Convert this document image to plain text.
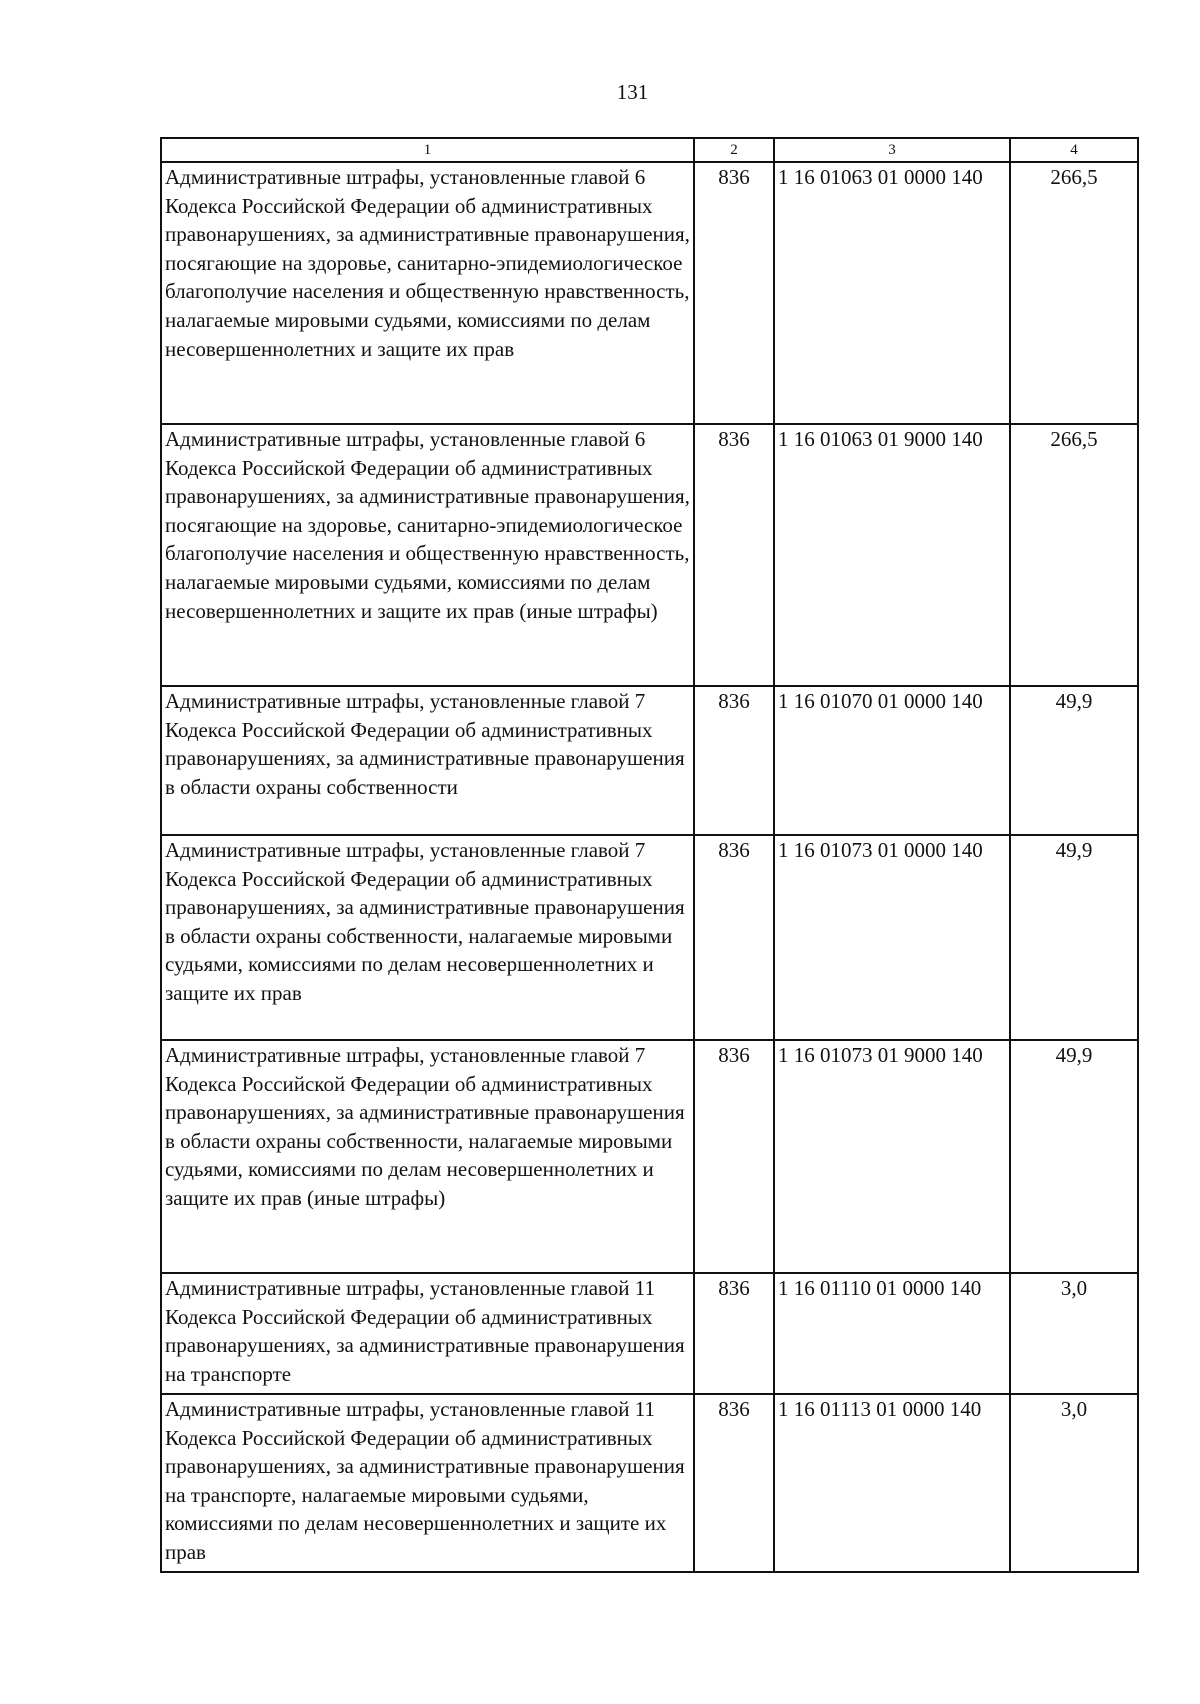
131
1	2	3	4
Административные штрафы, установленные главой 6 Кодекса Российской Федерации об административных правонарушениях, за административные правонарушения, посягающие на здоровье, санитарно-эпидемиологическое благополучие населения и общественную нравственность, налагаемые мировыми судьями, комиссиями по делам несовершеннолетних и защите их прав	836	1 16 01063 01 0000 140	266,5
Административные штрафы, установленные главой 6 Кодекса Российской Федерации об административных правонарушениях, за административные правонарушения, посягающие на здоровье, санитарно-эпидемиологическое благополучие населения и общественную нравственность, налагаемые мировыми судьями, комиссиями по делам несовершеннолетних и защите их прав (иные штрафы)	836	1 16 01063 01 9000 140	266,5
Административные штрафы, установленные главой 7 Кодекса Российской Федерации об административных правонарушениях, за административные правонарушения в области охраны собственности	836	1 16 01070 01 0000 140	49,9
Административные штрафы, установленные главой 7 Кодекса Российской Федерации об административных правонарушениях, за административные правонарушения в области охраны собственности, налагаемые мировыми судьями, комиссиями по делам несовершеннолетних и защите их прав	836	1 16 01073 01 0000 140	49,9
Административные штрафы, установленные главой 7 Кодекса Российской Федерации об административных правонарушениях, за административные правонарушения в области охраны собственности, налагаемые мировыми судьями, комиссиями по делам несовершеннолетних и защите их прав (иные штрафы)	836	1 16 01073 01 9000 140	49,9
Административные штрафы, установленные главой 11 Кодекса Российской Федерации об административных правонарушениях, за административные правонарушения на транспорте	836	1 16 01110 01 0000 140	3,0
Административные штрафы, установленные главой 11 Кодекса Российской Федерации об административных правонарушениях, за административные правонарушения на транспорте, налагаемые мировыми судьями, комиссиями по делам несовершеннолетних и защите их прав	836	1 16 01113 01 0000 140	3,0
